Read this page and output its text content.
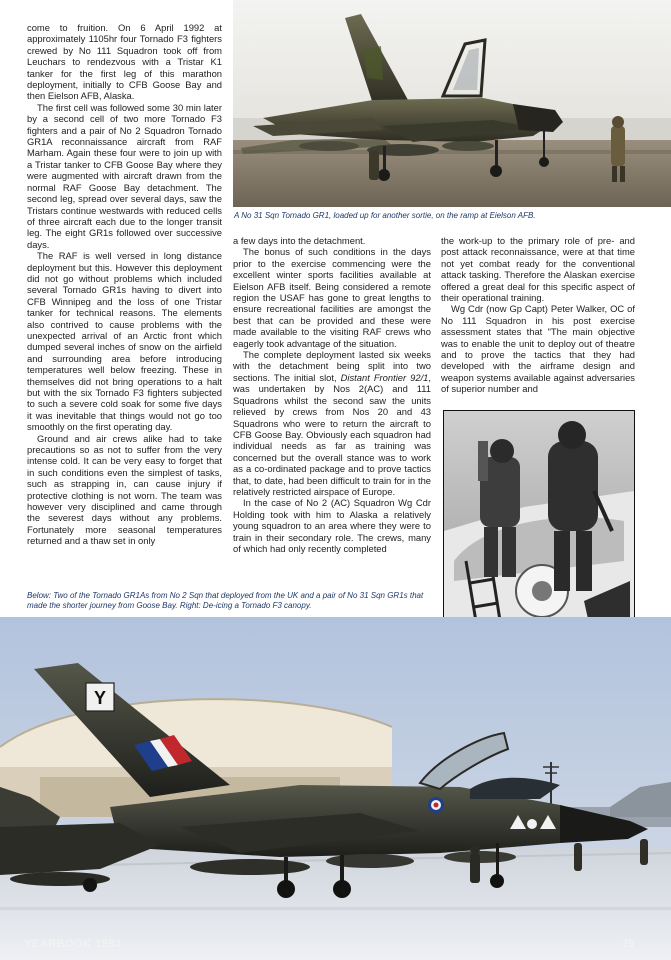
come to fruition. On 6 April 1992 at approximately 1105hr four Tornado F3 fighters crewed by No 111 Squadron took off from Leuchars to rendezvous with a Tristar K1 tanker for the first leg of this marathon deployment, initially to CFB Goose Bay and then Eielson AFB, Alaska.

The first cell was followed some 30 min later by a second cell of two more Tornado F3 fighters and a pair of No 2 Squadron Tornado GR1A reconnaissance aircraft from RAF Marham. Again these four were to join up with a Tristar tanker to CFB Goose Bay where they were augmented with aircraft drawn from the normal RAF Goose Bay detachment. The second leg, spread over several days, saw the Tristars continue westwards with reduced cells of three aircraft each due to the longer transit leg. The eight GR1s followed over successive days.

The RAF is well versed in long distance deployment but this. However this deployment did not go without problems which included several Tornado GR1s having to divert into CFB Winnipeg and the loss of one Tristar tanker for technical reasons. The elements also contrived to cause problems with the unexpected arrival of an Arctic front which dumped several inches of snow on the airfield and surrounding area before introducing temperatures well below freezing. These in themselves did not bring operations to a halt but with the six Tornado F3 fighters subjected to such a severe cold soak for some five days it was inevitable that things would not go too smoothly on the first operating day.

Ground and air crews alike had to take precautions so as not to suffer from the very intense cold. It can be very easy to forget that in such conditions even the simplest of tasks, such as strapping in, can cause injury if protective clothing is not worn. The team was however very disciplined and came through the severest days without any problems. Fortunately more seasonal temperatures returned and a thaw set in only

A No 31 Sqn Tornado GR1, loaded up for another sortie, on the ramp at Eielson AFB.

a few days into the detachment.

The bonus of such conditions in the days prior to the exercise commencing were the excellent winter sports facilities available at Eielson AFB itself. Being considered a remote region the USAF has gone to great lengths to ensure recreational facilities are amongst the best that can be provided and these were made available to the visiting RAF crews who eagerly took advantage of the situation.

The complete deployment lasted six weeks with the detachment being split into two sections. The initial slot, Distant Frontier 92/1, was undertaken by Nos 2(AC) and 111 Squadrons whilst the second saw the units relieved by crews from Nos 20 and 43 Squadrons who were to return the aircraft to CFB Goose Bay. Obviously each squadron had individual needs as far as training was concerned but the overall stance was to work as a co-ordinated package and to prove tactics that, to date, had been difficult to train for in the relatively restricted airspace of Europe.

In the case of No 2 (AC) Squadron Wg Cdr Holding took with him to Alaska a relatively young squadron to an area where they were to train in their secondary role. The crews, many of which had only recently completed

the work-up to the primary role of pre- and post attack reconnaissance, were at that time not yet combat ready for the conventional attack tasking. Therefore the Alaskan exercise offered a great deal for this specific aspect of their operational training.

Wg Cdr (now Gp Capt) Peter Walker, OC of No 111 Squadron in his post exercise assessment states that "The main objective was to enable the unit to deploy out of theatre and to prove the tactics that they had developed with the airframe design and weapon systems available against adversaries of superior number and

Below: Two of the Tornado GR1As from No 2 Sqn that deployed from the UK and a pair of No 31 Sqn GR1s that made the shorter journey from Goose Bay. Right: De-icing a Tornado F3 canopy.
Y
YEARBOOK 1993	79
